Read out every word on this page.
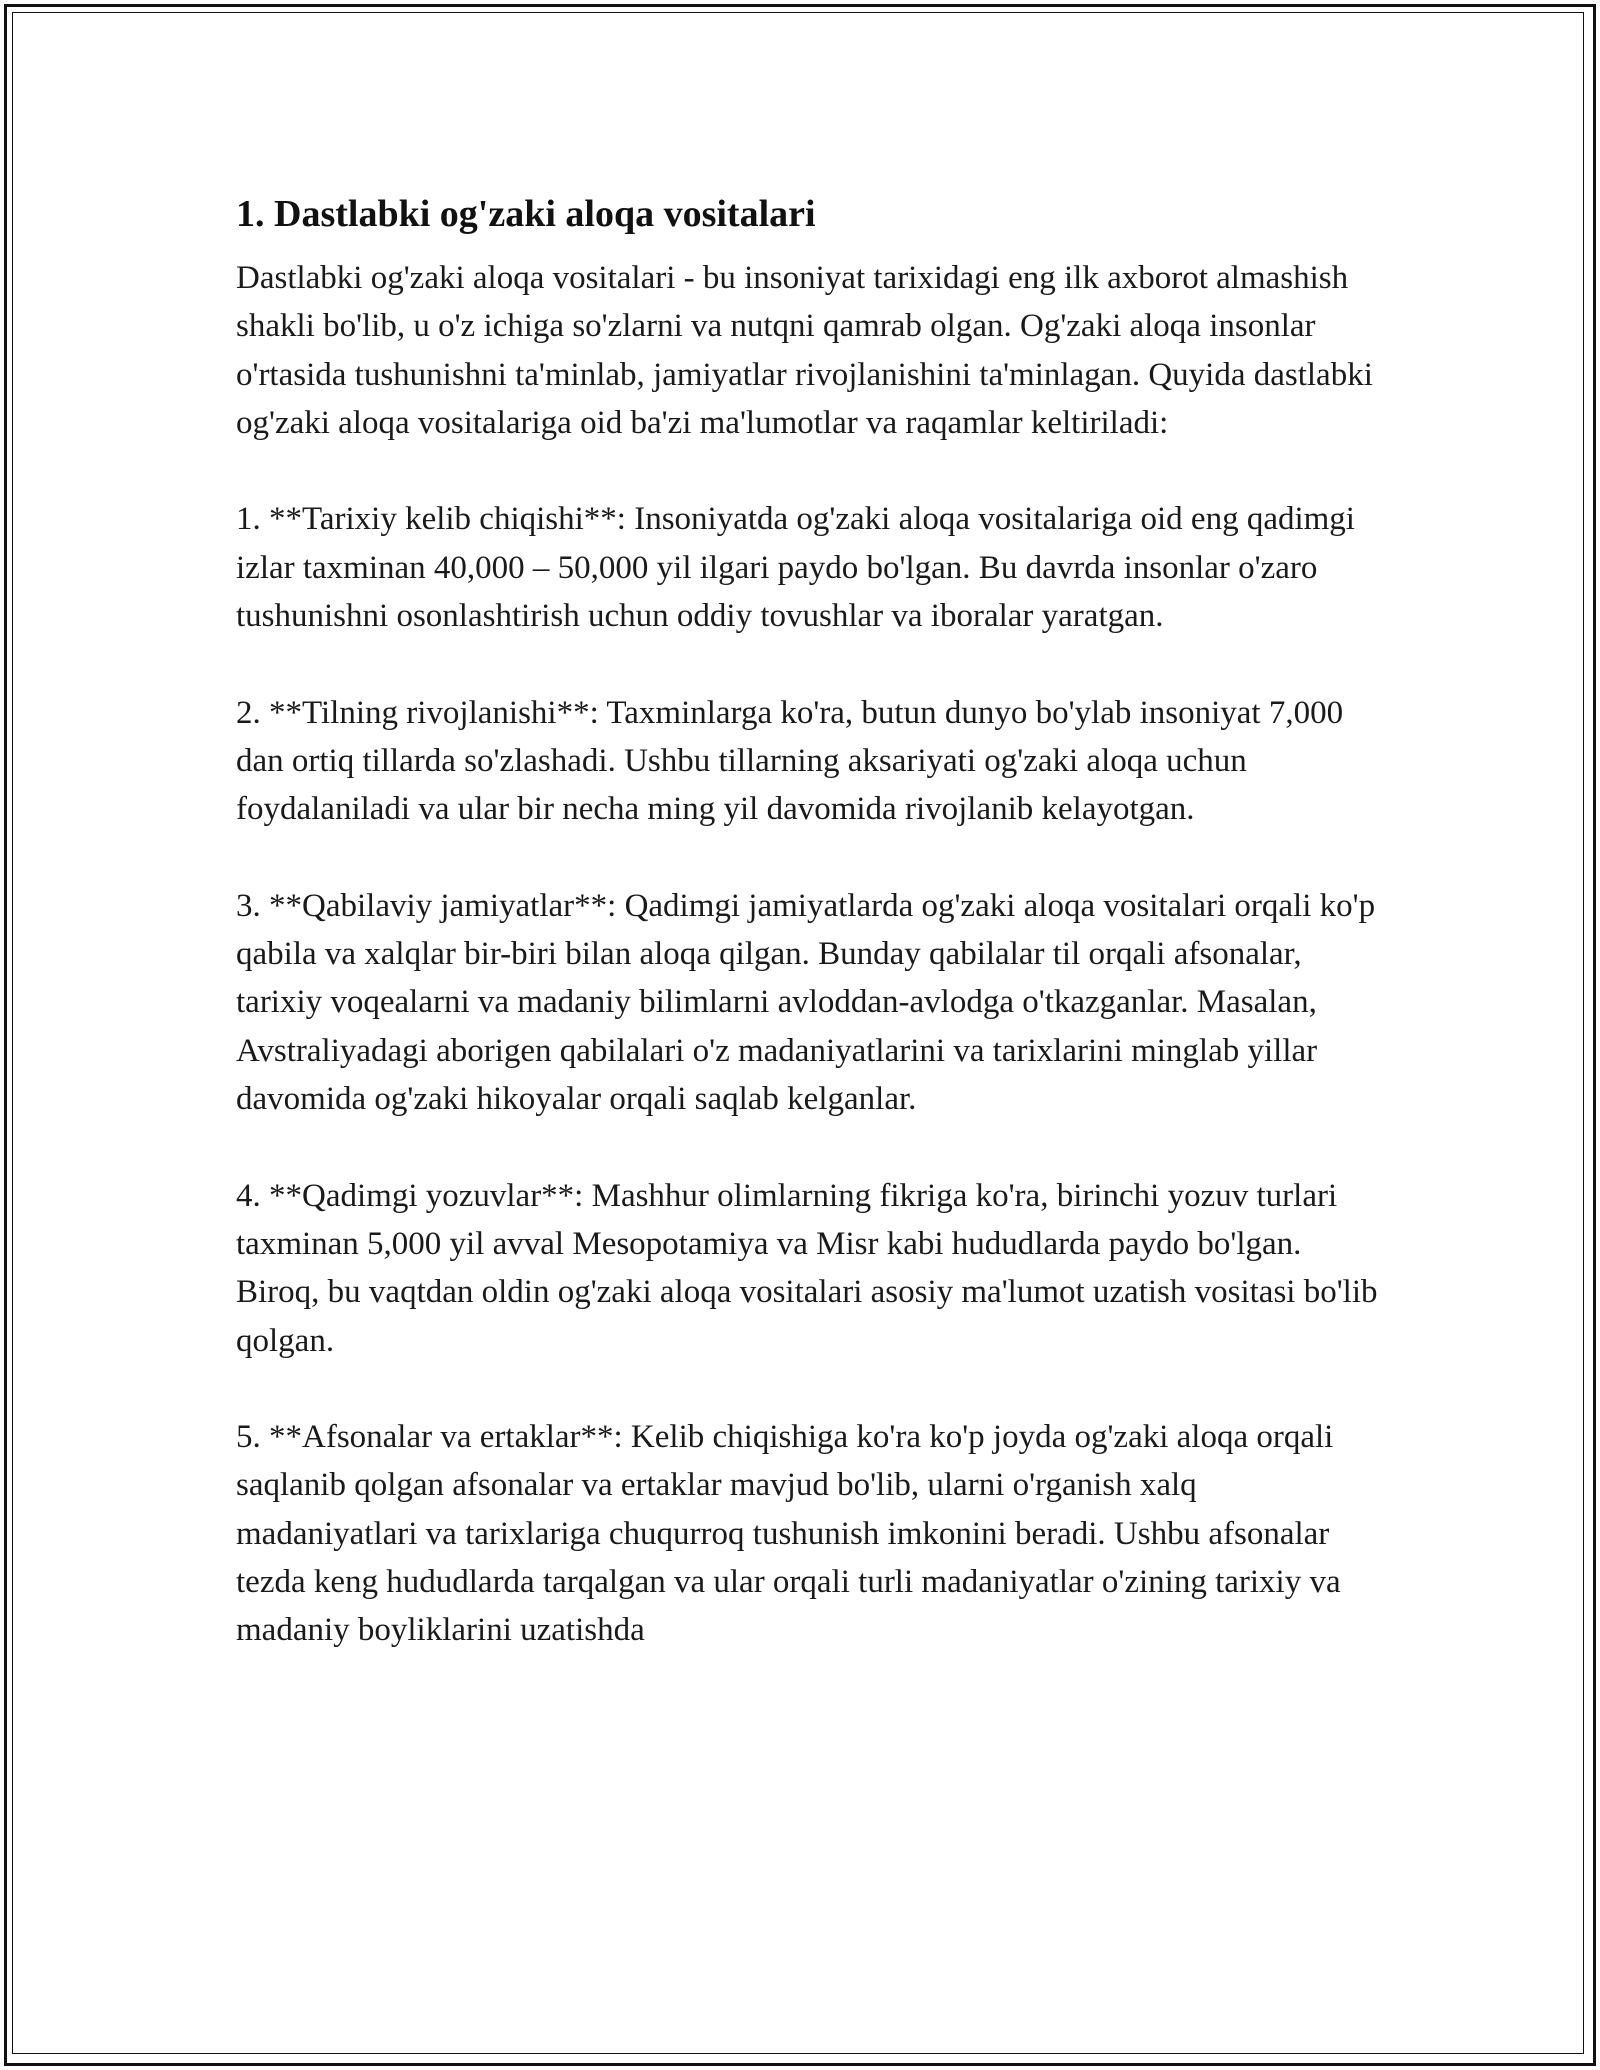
1. Dastlabki og'zaki aloqa vositalari

Dastlabki og'zaki aloqa vositalari - bu insoniyat tarixidagi eng ilk axborot almashish shakli bo'lib, u o'z ichiga so'zlarni va nutqni qamrab olgan. Og'zaki aloqa insonlar o'rtasida tushunishni ta'minlab, jamiyatlar rivojlanishini ta'minlagan. Quyida dastlabki og'zaki aloqa vositalariga oid ba'zi ma'lumotlar va raqamlar keltiriladi:

1. **Tarixiy kelib chiqishi**: Insoniyatda og'zaki aloqa vositalariga oid eng qadimgi izlar taxminan 40,000 – 50,000 yil ilgari paydo bo'lgan. Bu davrda insonlar o'zaro tushunishni osonlashtirish uchun oddiy tovushlar va iboralar yaratgan.

2. **Tilning rivojlanishi**: Taxminlarga ko'ra, butun dunyo bo'ylab insoniyat 7,000 dan ortiq tillarda so'zlashadi. Ushbu tillarning aksariyati og'zaki aloqa uchun foydalaniladi va ular bir necha ming yil davomida rivojlanib kelayotgan.

3. **Qabilaviy jamiyatlar**: Qadimgi jamiyatlarda og'zaki aloqa vositalari orqali ko'p qabila va xalqlar bir-biri bilan aloqa qilgan. Bunday qabilalar til orqali afsonalar, tarixiy voqealarni va madaniy bilimlarni avloddan-avlodga o'tkazganlar. Masalan, Avstraliyadagi aborigen qabilalari o'z madaniyatlarini va tarixlarini minglab yillar davomida og'zaki hikoyalar orqali saqlab kelganlar.

4. **Qadimgi yozuvlar**: Mashhur olimlarning fikriga ko'ra, birinchi yozuv turlari taxminan 5,000 yil avval Mesopotamiya va Misr kabi hududlarda paydo bo'lgan. Biroq, bu vaqtdan oldin og'zaki aloqa vositalari asosiy ma'lumot uzatish vositasi bo'lib qolgan.

5. **Afsonalar va ertaklar**: Kelib chiqishiga ko'ra ko'p joyda og'zaki aloqa orqali saqlanib qolgan afsonalar va ertaklar mavjud bo'lib, ularni o'rganish xalq madaniyatlari va tarixlariga chuqurroq tushunish imkonini beradi. Ushbu afsonalar tezda keng hududlarda tarqalgan va ular orqali turli madaniyatlar o'zining tarixiy va madaniy boyliklarini uzatishda
